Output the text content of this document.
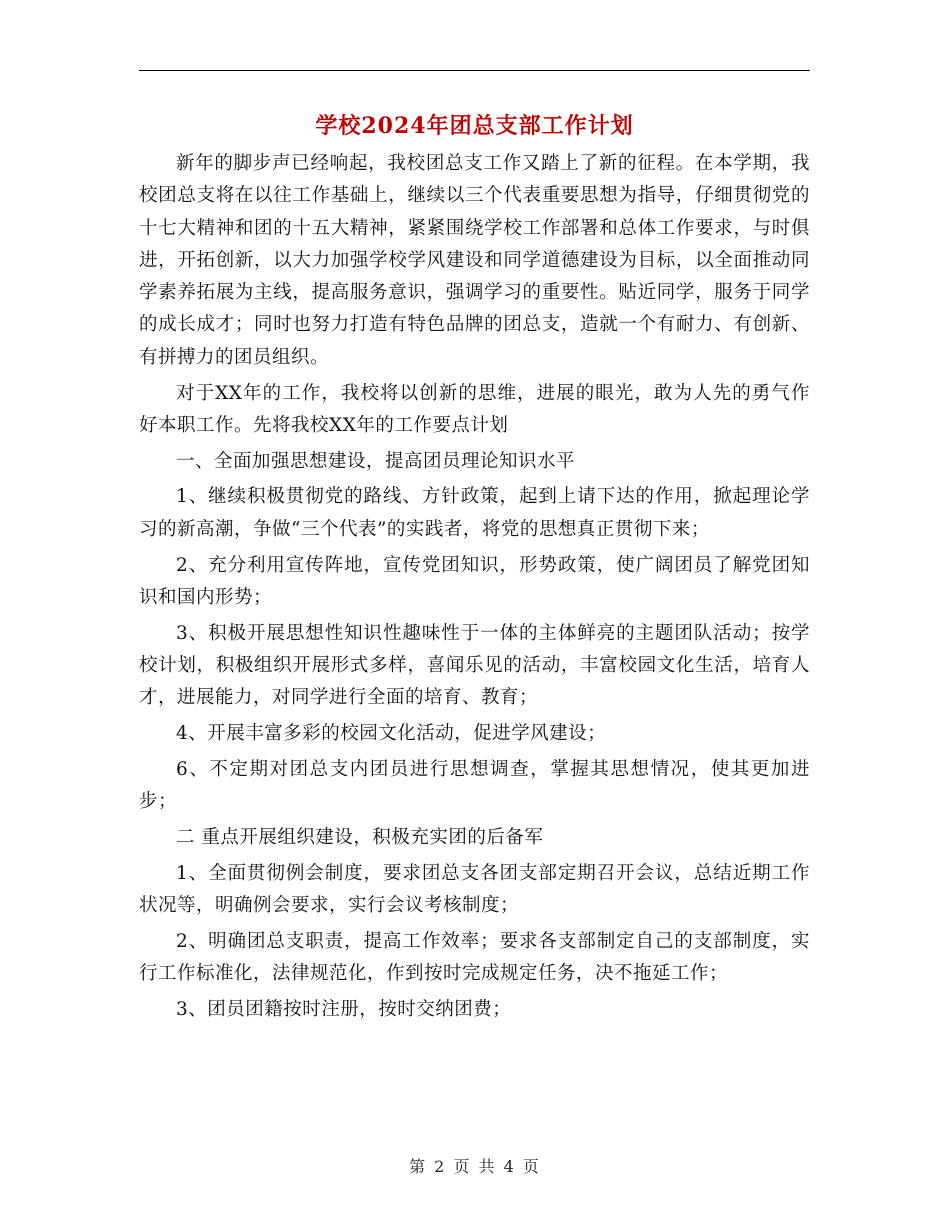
学校2024年团总支部工作计划

新年的脚步声已经响起，我校团总支工作又踏上了新的征程。在本学期，我校团总支将在以往工作基础上，继续以三个代表重要思想为指导，仔细贯彻党的十七大精神和团的十五大精神，紧紧围绕学校工作部署和总体工作要求，与时俱进，开拓创新，以大力加强学校学风建设和同学道德建设为目标，以全面推动同学素养拓展为主线，提高服务意识，强调学习的重要性。贴近同学，服务于同学的成长成才；同时也努力打造有特色品牌的团总支，造就一个有耐力、有创新、有拼搏力的团员组织。

对于XX年的工作，我校将以创新的思维，进展的眼光，敢为人先的勇气作好本职工作。先将我校XX年的工作要点计划

一、全面加强思想建设，提高团员理论知识水平

1、继续积极贯彻党的路线、方针政策，起到上请下达的作用，掀起理论学习的新高潮，争做“三个代表”的实践者，将党的思想真正贯彻下来；

2、充分利用宣传阵地，宣传党团知识，形势政策，使广阔团员了解党团知识和国内形势；

3、积极开展思想性知识性趣味性于一体的主体鲜亮的主题团队活动；按学校计划，积极组织开展形式多样，喜闻乐见的活动，丰富校园文化生活，培育人才，进展能力，对同学进行全面的培育、教育；

4、开展丰富多彩的校园文化活动，促进学风建设；

6、不定期对团总支内团员进行思想调查，掌握其思想情况，使其更加进步；

二 重点开展组织建设，积极充实团的后备军

1、全面贯彻例会制度，要求团总支各团支部定期召开会议，总结近期工作状况等，明确例会要求，实行会议考核制度；

2、明确团总支职责，提高工作效率；要求各支部制定自己的支部制度，实行工作标准化，法律规范化，作到按时完成规定任务，决不拖延工作；

3、团员团籍按时注册，按时交纳团费；

第 2 页 共 4 页
